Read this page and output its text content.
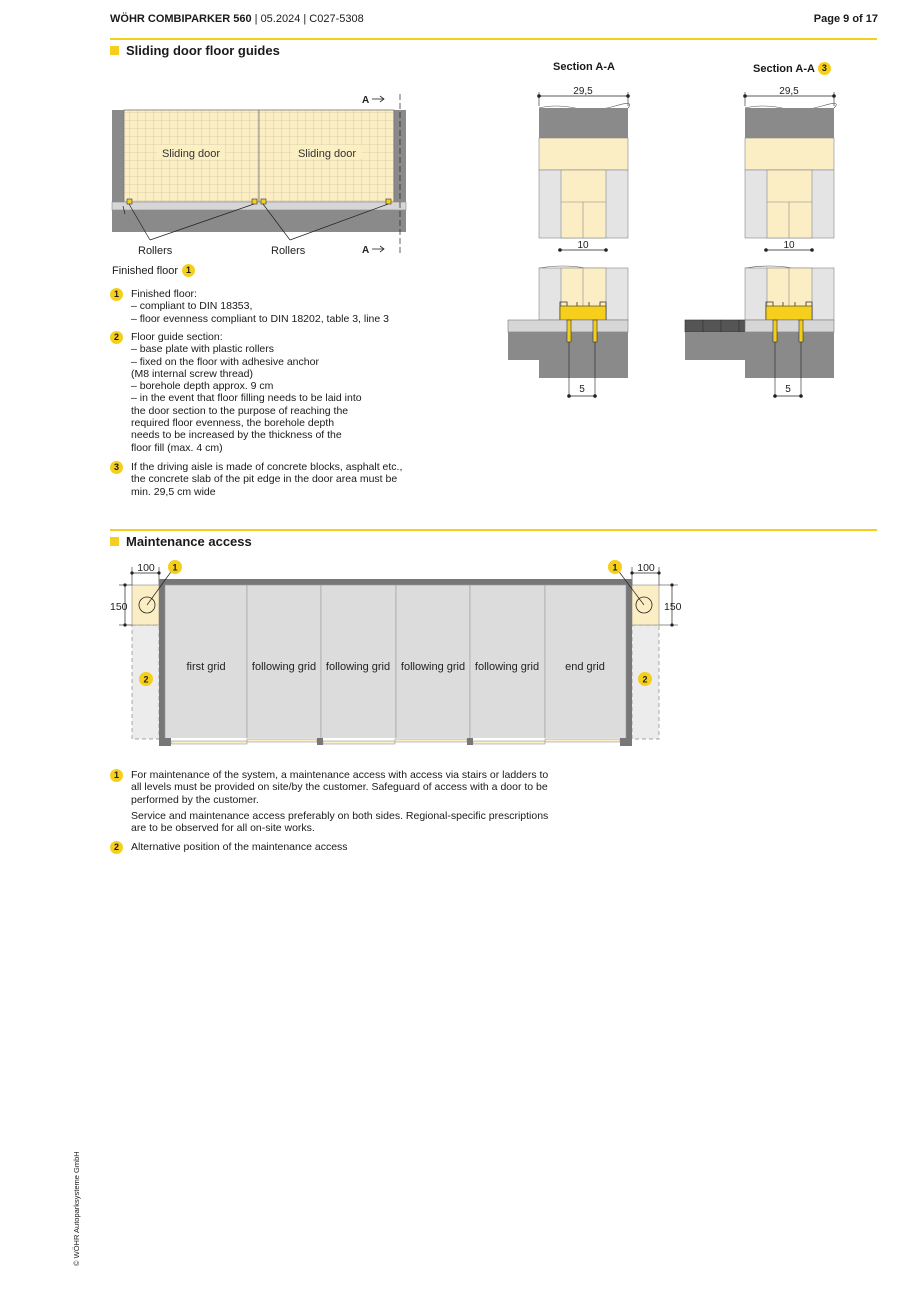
WÖHR COMBIPARKER 560 | 05.2024 | C027-5308	Page 9 of 17
Sliding door floor guides
Sliding door	Sliding door
Rollers	Rollers
A
A
Finished floor 1
Section A-A	Section A-A 3
29,5
10
5
29,5
10
5
1	Finished floor:
– compliant to DIN 18353,
– floor evenness compliant to DIN 18202, table 3, line 3
2	Floor guide section:
– base plate with plastic rollers
– fixed on the floor with adhesive anchor
(M8 internal screw thread)
– borehole depth approx. 9 cm
– in the event that floor filling needs to be laid into
the door section to the purpose of reaching the
required floor evenness, the borehole depth
needs to be increased by the thickness of the
floor fill (max. 4 cm)
3	If the driving aisle is made of concrete blocks, asphalt etc.,
the concrete slab of the pit edge in the door area must be
min. 29,5 cm wide
Maintenance access
100
150
100
150
first grid following grid following grid following grid following grid end grid
1	1
2	2
1	For maintenance of the system, a maintenance access with access via stairs or ladders to
all levels must be provided on site/by the customer. Safeguard of access with a door to be
performed by the customer.
Service and maintenance access preferably on both sides. Regional-specific prescriptions
are to be observed for all on-site works.
2	Alternative position of the maintenance access
© WÖHR Autoparksysteme GmbH
